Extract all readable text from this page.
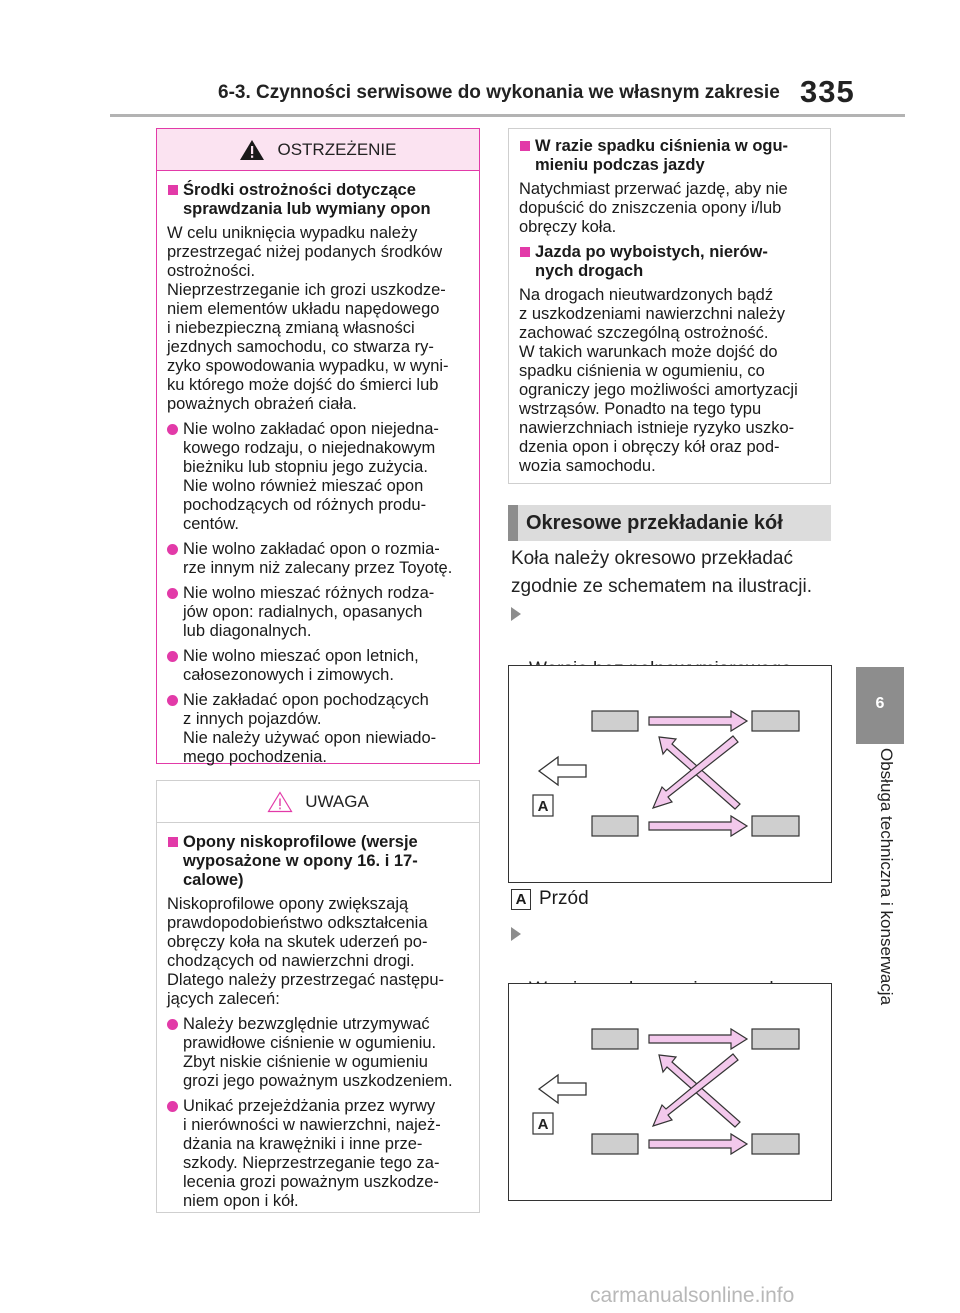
6-3. Czynności serwisowe do wykonania we własnym zakresie 335
6
Obsługa techniczna i konserwacja
OSTRZEŻENIE
Środki ostrożności dotyczące
sprawdzania lub wymiany opon
W celu uniknięcia wypadku należy
przestrzegać niżej podanych środków
ostrożności.
Nieprzestrzeganie ich grozi uszkodze-
niem elementów układu napędowego
i niebezpieczną zmianą własności
jezdnych samochodu, co stwarza ry-
zyko spowodowania wypadku, w wyni-
ku którego może dojść do śmierci lub
poważnych obrażeń ciała.
Nie wolno zakładać opon niejedna-
kowego rodzaju, o niejednakowym
bieżniku lub stopniu jego zużycia.
Nie wolno również mieszać opon
pochodzących od różnych produ-
centów.
Nie wolno zakładać opon o rozmia-
rze innym niż zalecany przez Toyotę.
Nie wolno mieszać różnych rodza-
jów opon: radialnych, opasanych
lub diagonalnych.
Nie wolno mieszać opon letnich,
całosezonowych i zimowych.
Nie zakładać opon pochodzących
z innych pojazdów.
Nie należy używać opon niewiado-
mego pochodzenia.
UWAGA
Opony niskoprofilowe (wersje
wyposażone w opony 16. i 17-
calowe)
Niskoprofilowe opony zwiększają
prawdopodobieństwo odkształcenia
obręczy koła na skutek uderzeń po-
chodzących od nawierzchni drogi.
Dlatego należy przestrzegać następu-
jących zaleceń:
Należy bezwzględnie utrzymywać
prawidłowe ciśnienie w ogumieniu.
Zbyt niskie ciśnienie w ogumieniu
grozi jego poważnym uszkodzeniem.
Unikać przejeżdżania przez wyrwy
i nierówności w nawierzchni, najeż-
dżania na krawężniki i inne prze-
szkody. Nieprzestrzeganie tego za-
lecenia grozi poważnym uszkodze-
niem opon i kół.
W razie spadku ciśnienia w ogu-
mieniu podczas jazdy
Natychmiast przerwać jazdę, aby nie
dopuścić do zniszczenia opony i/lub
obręczy koła.
Jazda po wyboistych, nierów-
nych drogach
Na drogach nieutwardzonych bądź
z uszkodzeniami nawierzchni należy
zachować szczególną ostrożność.
W takich warunkach może dojść do
spadku ciśnienia w ogumieniu, co
ograniczy jego możliwości amortyzacji
wstrząsów. Ponadto na tego typu
nawierzchniach istnieje ryzyko uszko-
dzenia opon i obręczy kół oraz pod-
wozia samochodu.
Okresowe przekładanie kół
Koła należy okresowo przekładać
zgodnie ze schematem na ilustracji.

A
A Przód

A
carmanualsonline.info
